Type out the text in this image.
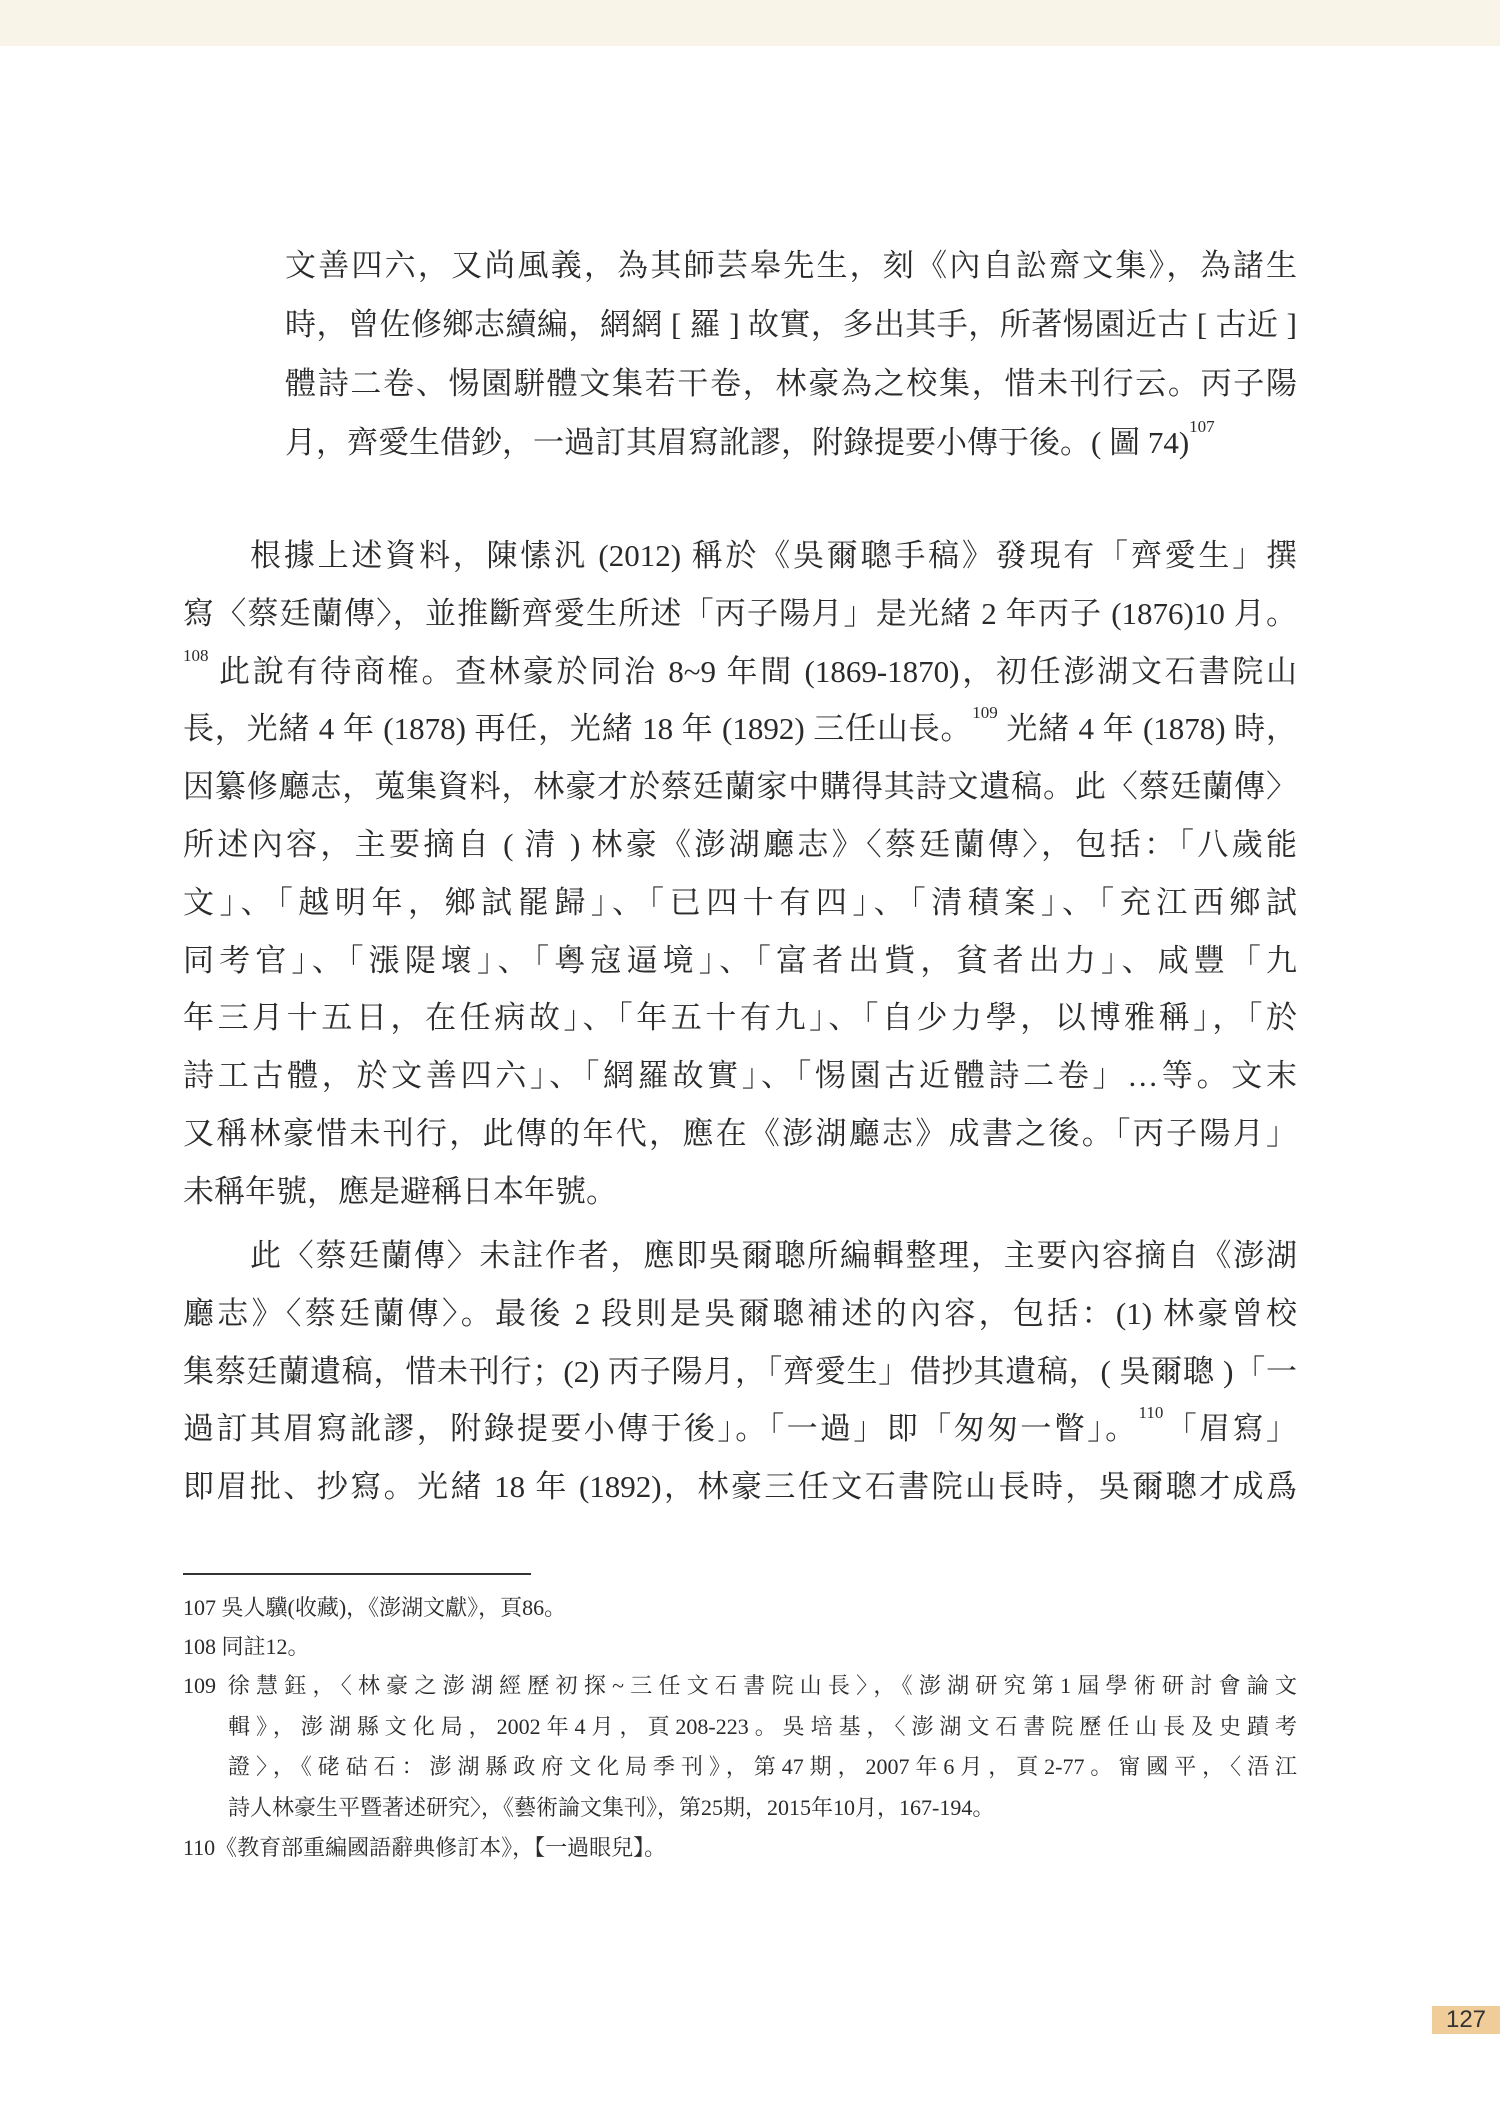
文善四六，又尚風義，為其師芸皋先生，刻《內自訟齋文集》，為諸生
時，曾佐修鄉志續編，網網 [ 羅 ] 故實，多出其手，所著惕園近古 [ 古近 ]
體詩二卷、惕園駢體文集若干卷，林豪為之校集，惜未刊行云。丙子陽
月，齊愛生借鈔，一過訂其眉寫訛謬，附錄提要小傳于後。( 圖 74)$^{107}$
根據上述資料，陳愫汎 (2012) 稱於《吳爾聰手稿》發現有「齊愛生」撰
寫〈蔡廷蘭傳〉，並推斷齊愛生所述「丙子陽月」是光緒 2 年丙子 (1876)10 月。
$^{108}$ 此說有待商榷。查林豪於同治 8~9 年間 (1869-1870)，初任澎湖文石書院山
長，光緒 4 年 (1878) 再任，光緒 18 年 (1892) 三任山長。$^{109}$ 光緒 4 年 (1878) 時，
因纂修廳志，蒐集資料，林豪才於蔡廷蘭家中購得其詩文遺稿。此〈蔡廷蘭傳〉
所述內容，主要摘自 ( 清 ) 林豪《澎湖廳志》〈蔡廷蘭傳〉，包括：「八歲能
文」、「越明年，鄉試罷歸」、「已四十有四」、「清積案」、「充江西鄉試
同考官」、「漲隄壞」、「粵寇逼境」、「富者出貲，貧者出力」、咸豐「九
年三月十五日，在任病故」、「年五十有九」、「自少力學，以博雅稱」，「於
詩工古體，於文善四六」、「網羅故實」、「惕園古近體詩二卷」…等。文末
又稱林豪惜未刊行，此傳的年代，應在《澎湖廳志》成書之後。「丙子陽月」
未稱年號，應是避稱日本年號。
此〈蔡廷蘭傳〉未註作者，應即吳爾聰所編輯整理，主要內容摘自《澎湖
廳志》〈蔡廷蘭傳〉。最後 2 段則是吳爾聰補述的內容，包括：(1) 林豪曾校
集蔡廷蘭遺稿，惜未刊行；(2) 丙子陽月，「齊愛生」借抄其遺稿，( 吳爾聰 )「一
過訂其眉寫訛謬，附錄提要小傳于後」。「一過」即「匆匆一瞥」。$^{110}$「眉寫」
即眉批、抄寫。光緒 18 年 (1892)，林豪三任文石書院山長時，吳爾聰才成爲
107 吳人驥(收藏)，《澎湖文獻》，頁86。
108 同註12。
109 徐慧鈺，〈林豪之澎湖經歷初探~三任文石書院山長〉，《澎湖研究第1屆學術研討會論文
輯》，澎湖縣文化局，2002年4月，頁208-223。吳培基，〈澎湖文石書院歷任山長及史蹟考
證〉，《硓𥑮石：澎湖縣政府文化局季刊》，第47期，2007年6月，頁2-77。甯國平，〈浯江
詩人林豪生平暨著述研究〉，《藝術論文集刊》，第25期，2015年10月，167-194。
110《教育部重編國語辭典修訂本》，【一過眼兒】。
127
